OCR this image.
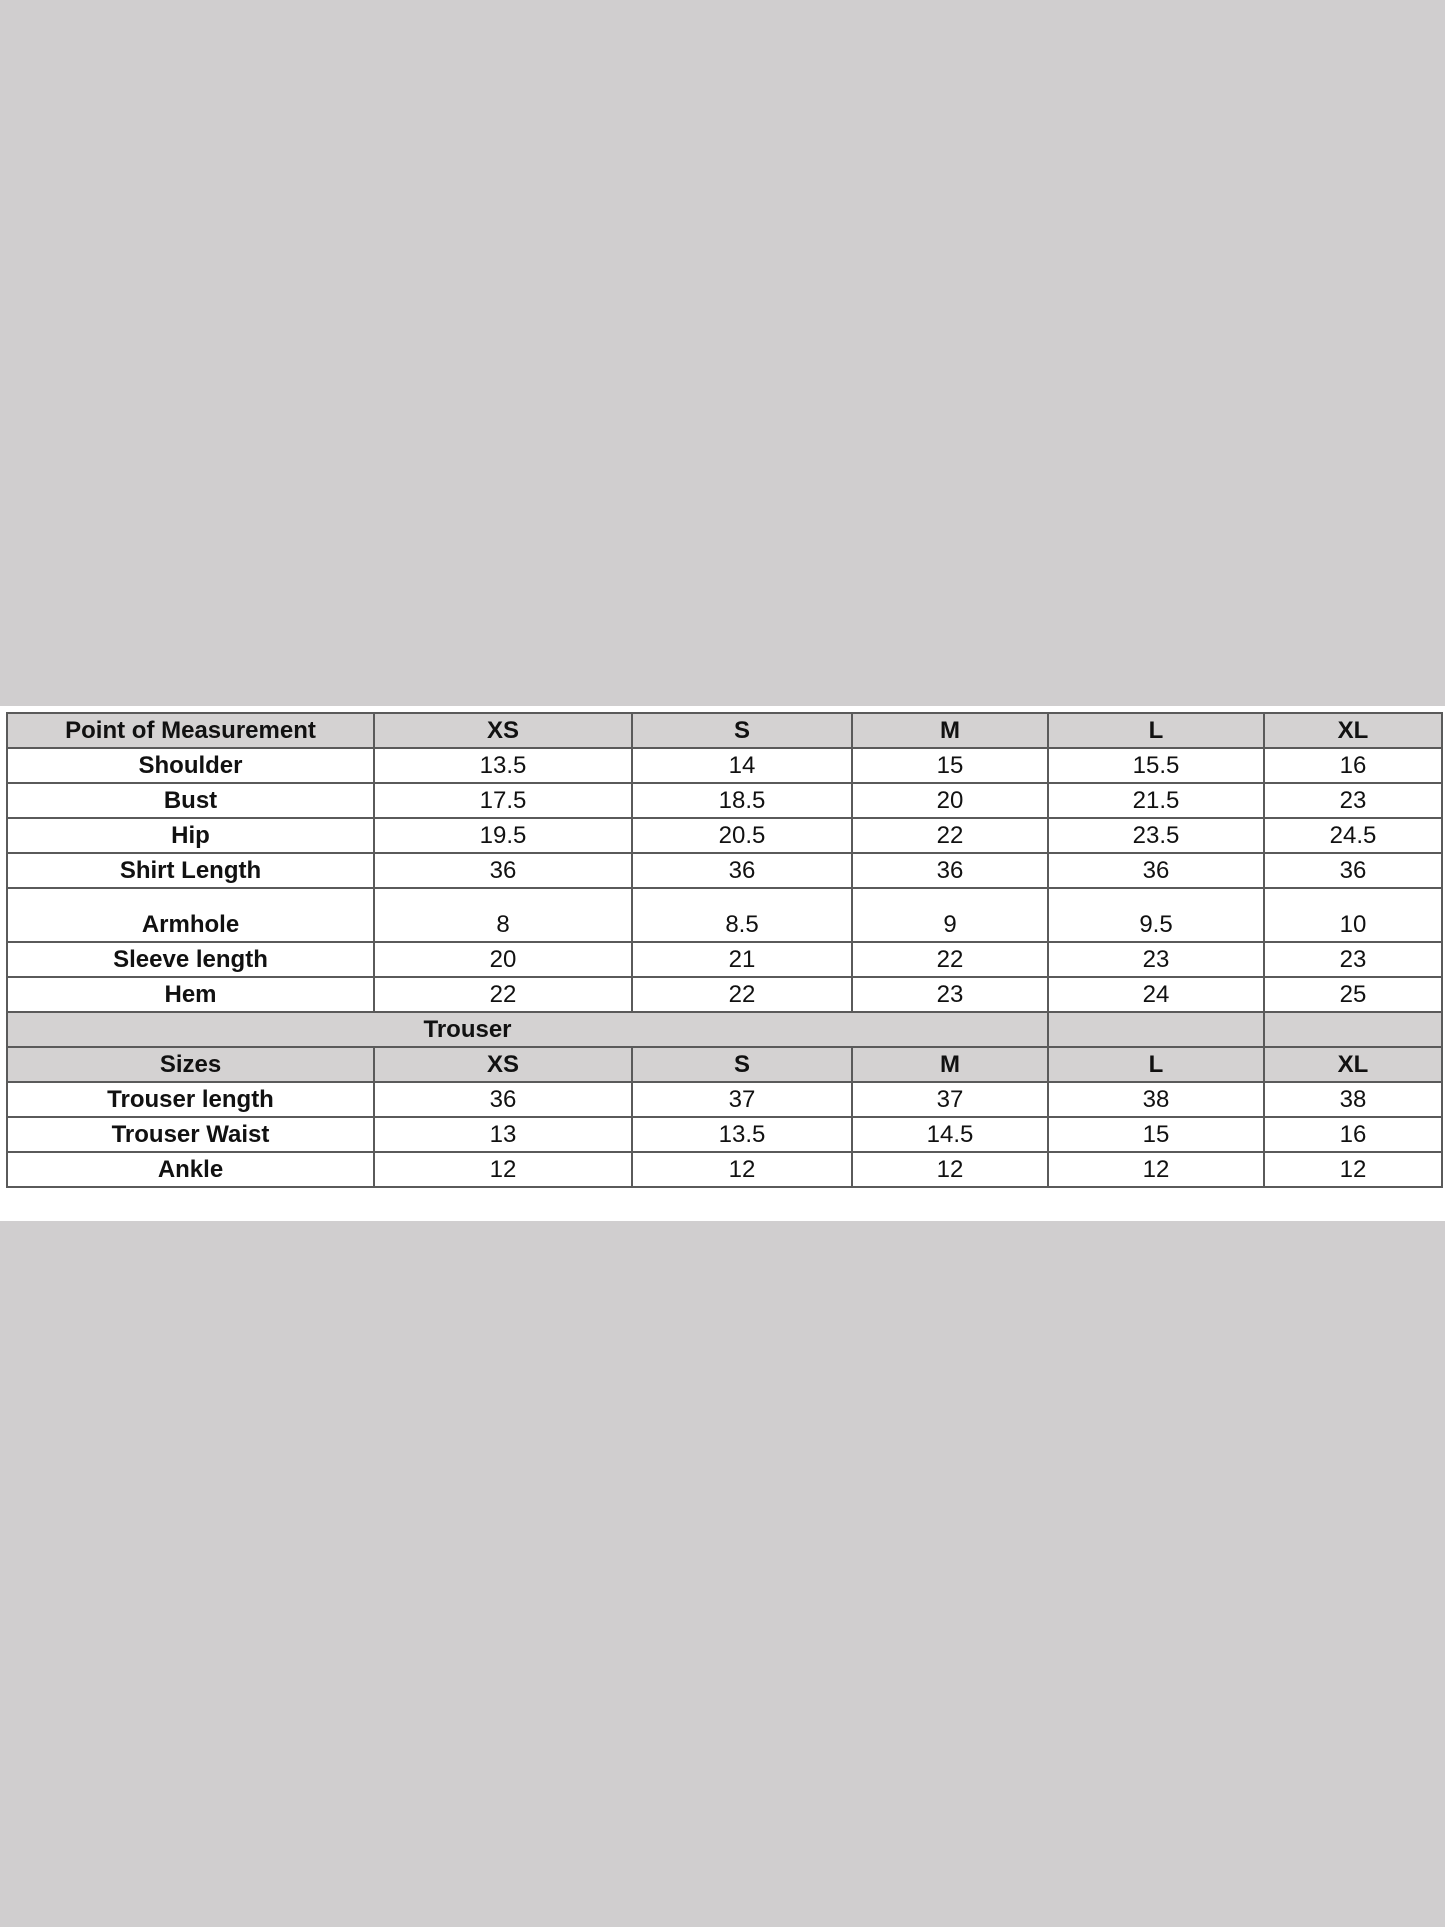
Point of Measurement	XS	S	M	L	XL
Shoulder	13.5	14	15	15.5	16
Bust	17.5	18.5	20	21.5	23
Hip	19.5	20.5	22	23.5	24.5
Shirt Length	36	36	36	36	36
Armhole	8	8.5	9	9.5	10
Sleeve length	20	21	22	23	23
Hem	22	22	23	24	25
Trouser					
Sizes	XS	S	M	L	XL
Trouser length	36	37	37	38	38
Trouser Waist	13	13.5	14.5	15	16
Ankle	12	12	12	12	12
